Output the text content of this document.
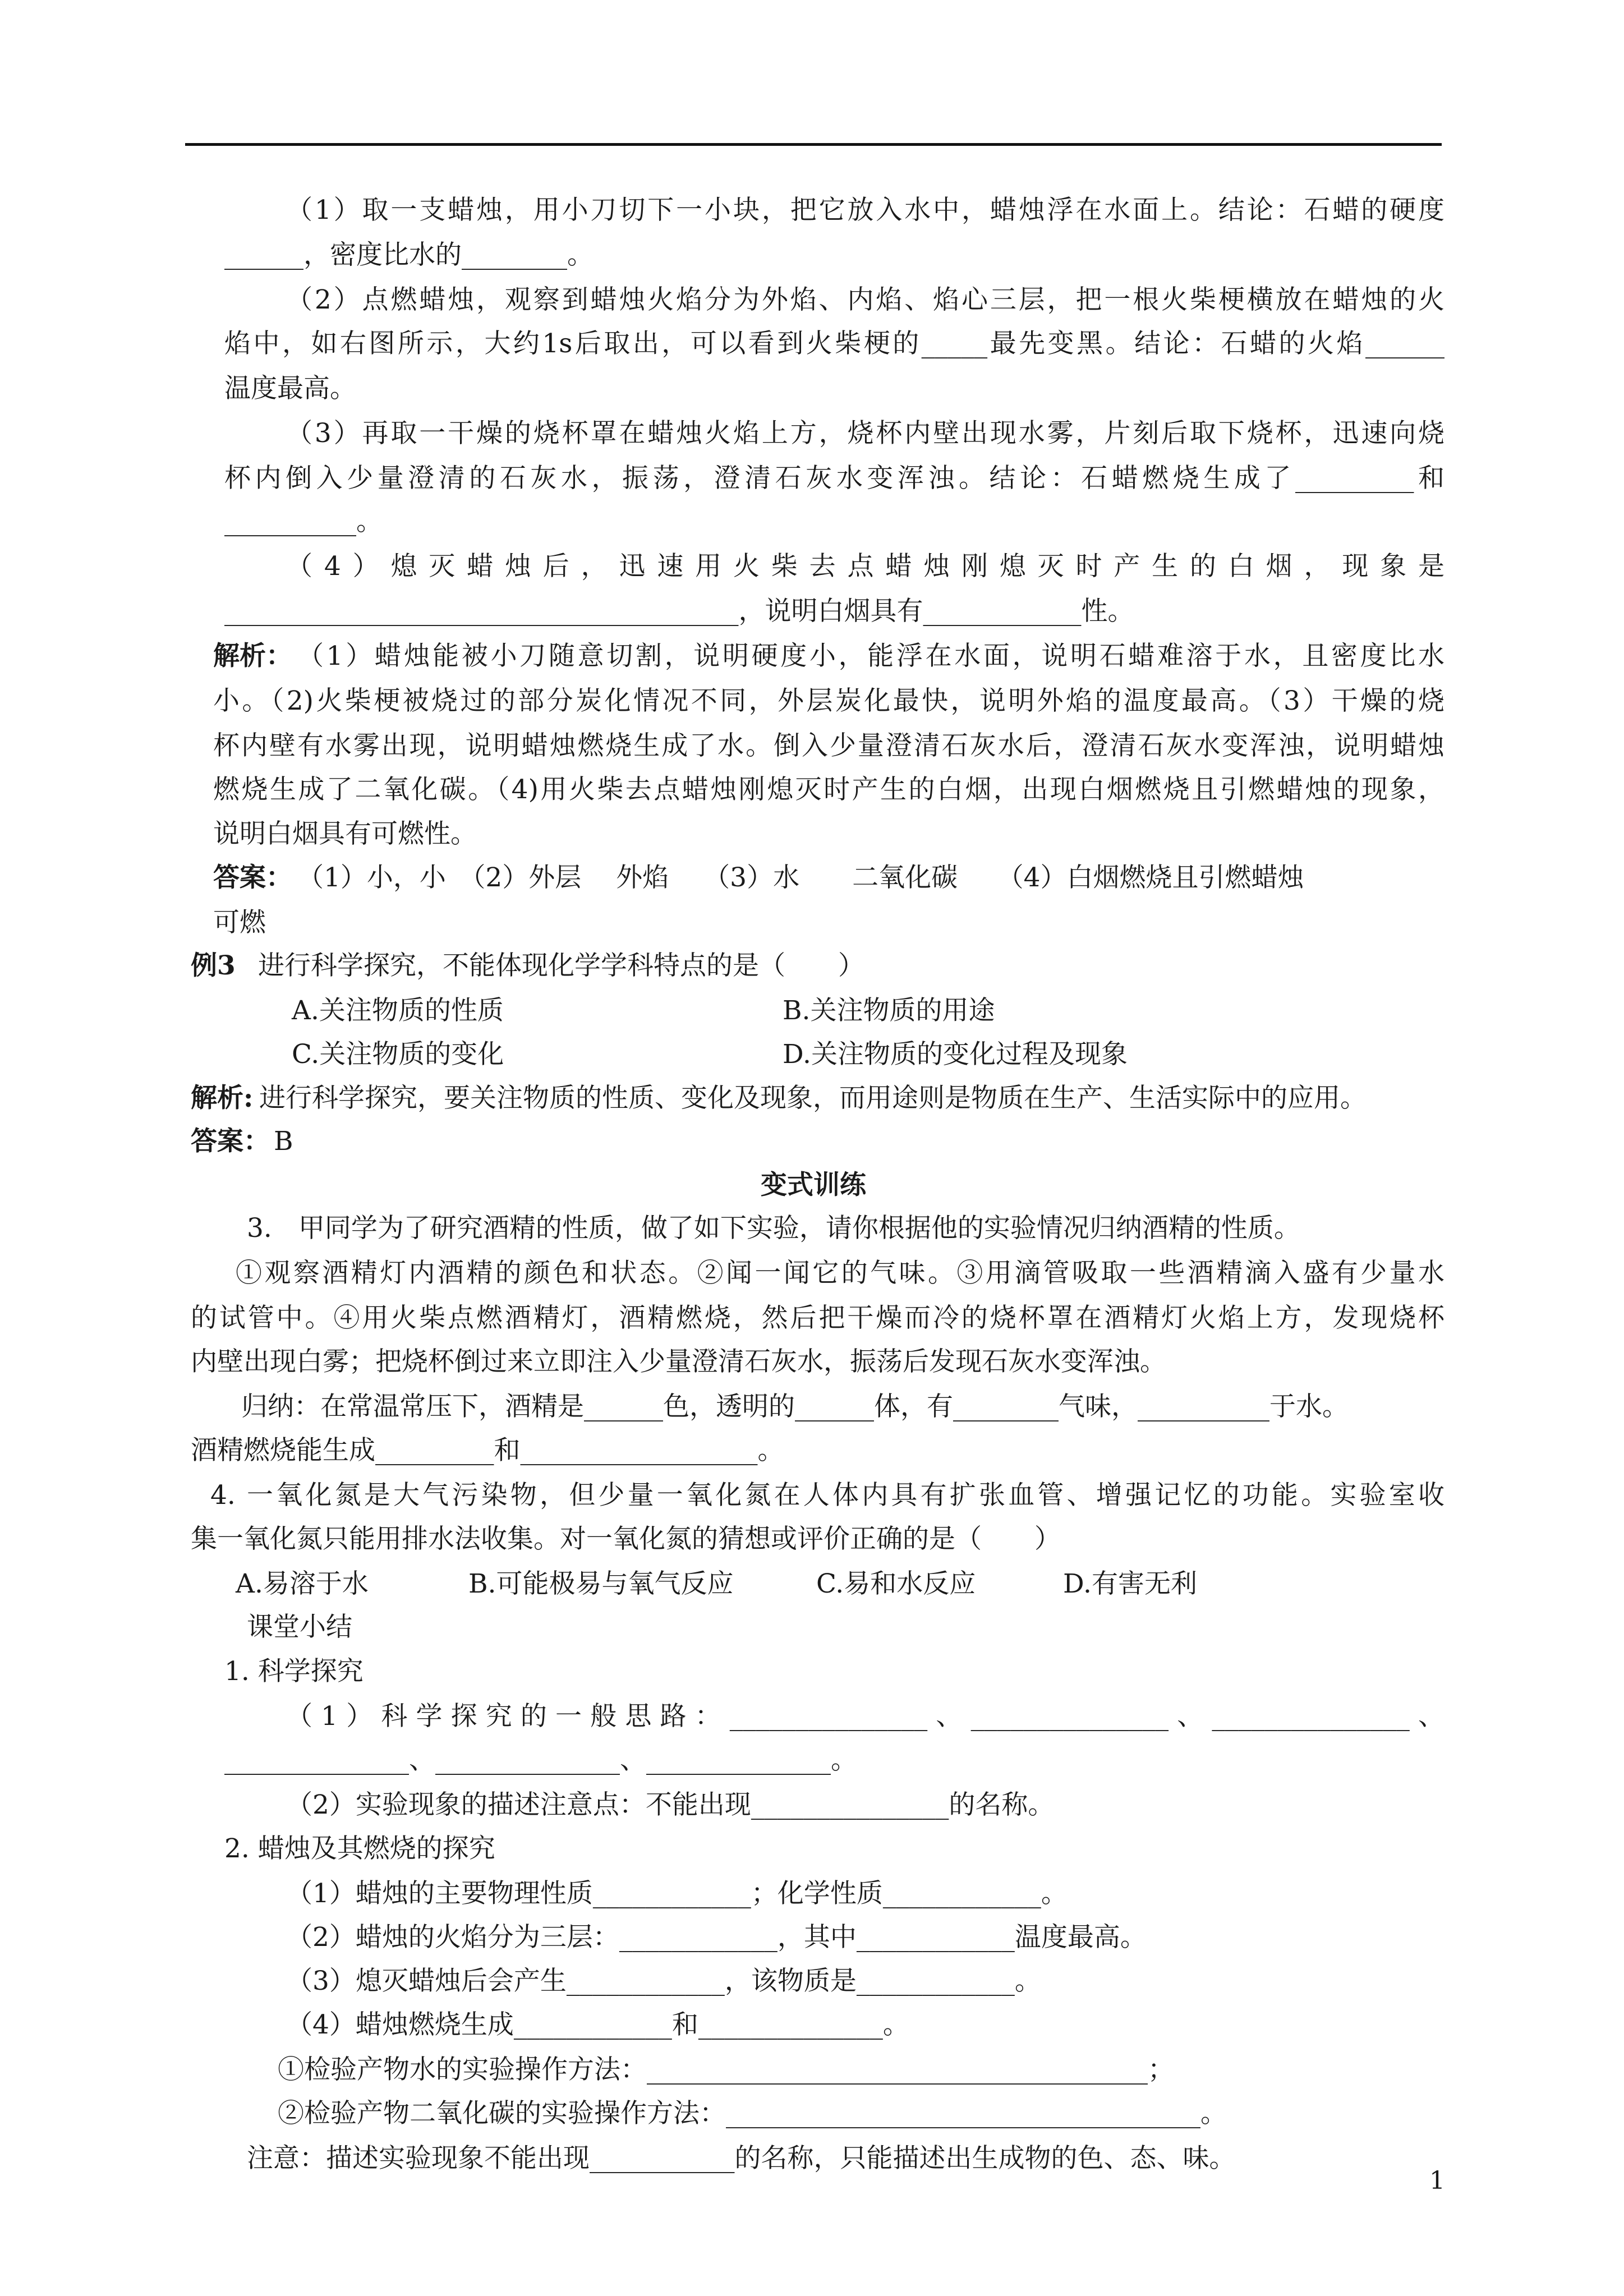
（1）取一支蜡烛，用小刀切下一小块，把它放入水中，蜡烛浮在水面上。结论：石蜡的硬度
______，密度比水的________。
（2）点燃蜡烛，观察到蜡烛火焰分为外焰、内焰、焰心三层，把一根火柴梗横放在蜡烛的火
焰中，如右图所示，大约1s后取出，可以看到火柴梗的_____最先变黑。结论：石蜡的火焰______
温度最高。
（3）再取一干燥的烧杯罩在蜡烛火焰上方，烧杯内壁出现水雾，片刻后取下烧杯，迅速向烧
杯内倒入少量澄清的石灰水，振荡，澄清石灰水变浑浊。结论：石蜡燃烧生成了_________和
__________。
（4）熄灭蜡烛后，迅速用火柴去点蜡烛刚熄灭时产生的白烟，现象是
_______________________________________，说明白烟具有____________性。
解析： （1）蜡烛能被小刀随意切割，说明硬度小，能浮在水面，说明石蜡难溶于水，且密度比水
小。（2)火柴梗被烧过的部分炭化情况不同，外层炭化最快，说明外焰的温度最高。（3）干燥的烧
杯内壁有水雾出现，说明蜡烛燃烧生成了水。倒入少量澄清石灰水后，澄清石灰水变浑浊，说明蜡烛
燃烧生成了二氧化碳。（4)用火柴去点蜡烛刚熄灭时产生的白烟，出现白烟燃烧且引燃蜡烛的现象，
说明白烟具有可燃性。
答案： （1）小，小　（2）外层　 外焰　 （3）水　　二氧化碳　　（4）白烟燃烧且引燃蜡烛
可燃
例3 进行科学探究，不能体现化学学科特点的是（　　）
A.关注物质的性质	B.关注物质的用途
C.关注物质的变化	D.关注物质的变化过程及现象
解析: 进行科学探究，要关注物质的性质、变化及现象，而用途则是物质在生产、生活实际中的应用。
答案： B
变式训练
3.　甲同学为了研究酒精的性质，做了如下实验，请你根据他的实验情况归纳酒精的性质。
①观察酒精灯内酒精的颜色和状态。②闻一闻它的气味。③用滴管吸取一些酒精滴入盛有少量水
的试管中。④用火柴点燃酒精灯，酒精燃烧，然后把干燥而冷的烧杯罩在酒精灯火焰上方，发现烧杯
内壁出现白雾；把烧杯倒过来立即注入少量澄清石灰水，振荡后发现石灰水变浑浊。
归纳：在常温常压下，酒精是______色，透明的______体，有________气味，__________于水。
酒精燃烧能生成_________和__________________。
4. 一氧化氮是大气污染物，但少量一氧化氮在人体内具有扩张血管、增强记忆的功能。实验室收
集一氧化氮只能用排水法收集。对一氧化氮的猜想或评价正确的是（　　）
A.易溶于水	B.可能极易与氧气反应	C.易和水反应	D.有害无利
课堂小结
1. 科学探究
（1）科学探究的一般思路：_______________、_______________、_______________、
______________、______________、______________。
（2）实验现象的描述注意点：不能出现_______________的名称。
2. 蜡烛及其燃烧的探究
（1）蜡烛的主要物理性质____________；化学性质____________。
（2）蜡烛的火焰分为三层：____________，其中____________温度最高。
（3）熄灭蜡烛后会产生____________，该物质是____________。
（4）蜡烛燃烧生成____________和______________。
①检验产物水的实验操作方法：______________________________________；
②检验产物二氧化碳的实验操作方法：____________________________________。
注意：描述实验现象不能出现___________的名称，只能描述出生成物的色、态、味。
1
